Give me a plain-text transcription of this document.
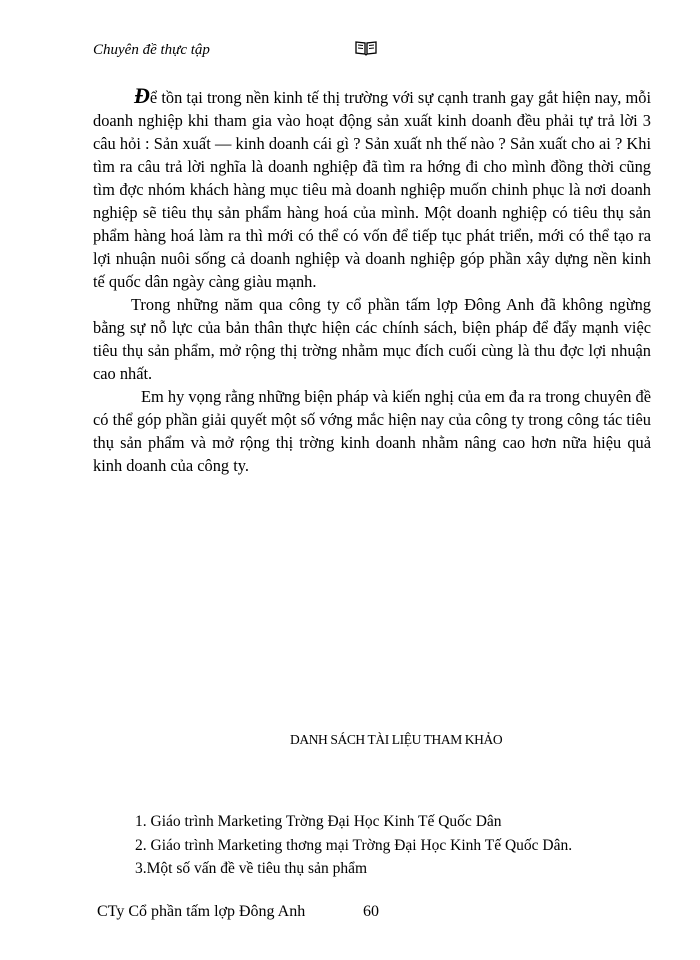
Chuyên đề thực tập

Để tồn tại trong nền kinh tế thị trường với sự cạnh tranh gay gắt hiện nay, mỗi doanh nghiệp khi tham gia vào hoạt động sản xuất kinh doanh đều phải tự trả lời 3 câu hỏi : Sản xuất — kinh doanh cái gì ? Sản xuất nh thế nào ? Sản xuất cho ai ? Khi tìm ra câu trả lời nghĩa là doanh nghiệp đã tìm ra hớng đi cho mình đồng thời cũng tìm đợc nhóm khách hàng mục tiêu mà doanh nghiệp muốn chinh phục là nơi doanh nghiệp sẽ tiêu thụ sản phẩm hàng hoá của mình. Một doanh nghiệp có tiêu thụ sản phẩm hàng hoá làm ra thì mới có thể có vốn để tiếp tục phát triển, mới có thể tạo ra lợi nhuận nuôi sống cả doanh nghiệp và doanh nghiệp góp phần xây dựng nền kinh tế quốc dân ngày càng giàu mạnh.

Trong những năm qua công ty cổ phần tấm lợp Đông Anh đã không ngừng bằng sự nỗ lực của bản thân thực hiện các chính sách, biện pháp để đẩy mạnh việc tiêu thụ sản phẩm, mở rộng thị trờng nhằm mục đích cuối cùng là thu đợc lợi nhuận cao nhất.

Em hy vọng rằng những biện pháp và kiến nghị của em đa ra trong chuyên đề có thể góp phần giải quyết một số vớng mắc hiện nay của công ty trong công tác tiêu thụ sản phẩm và mở rộng thị trờng kinh doanh nhằm nâng cao hơn nữa hiệu quả kinh doanh của công ty.

DANH SÁCH TÀI LIỆU THAM KHẢO
1. Giáo trình Marketing Trờng Đại Học Kinh Tế Quốc Dân
2. Giáo trình Marketing thơng mại Trờng Đại Học Kinh Tế Quốc Dân.
3.Một số vấn đề về tiêu thụ sản phẩm
CTy Cổ phần tấm lợp Đông Anh	60
